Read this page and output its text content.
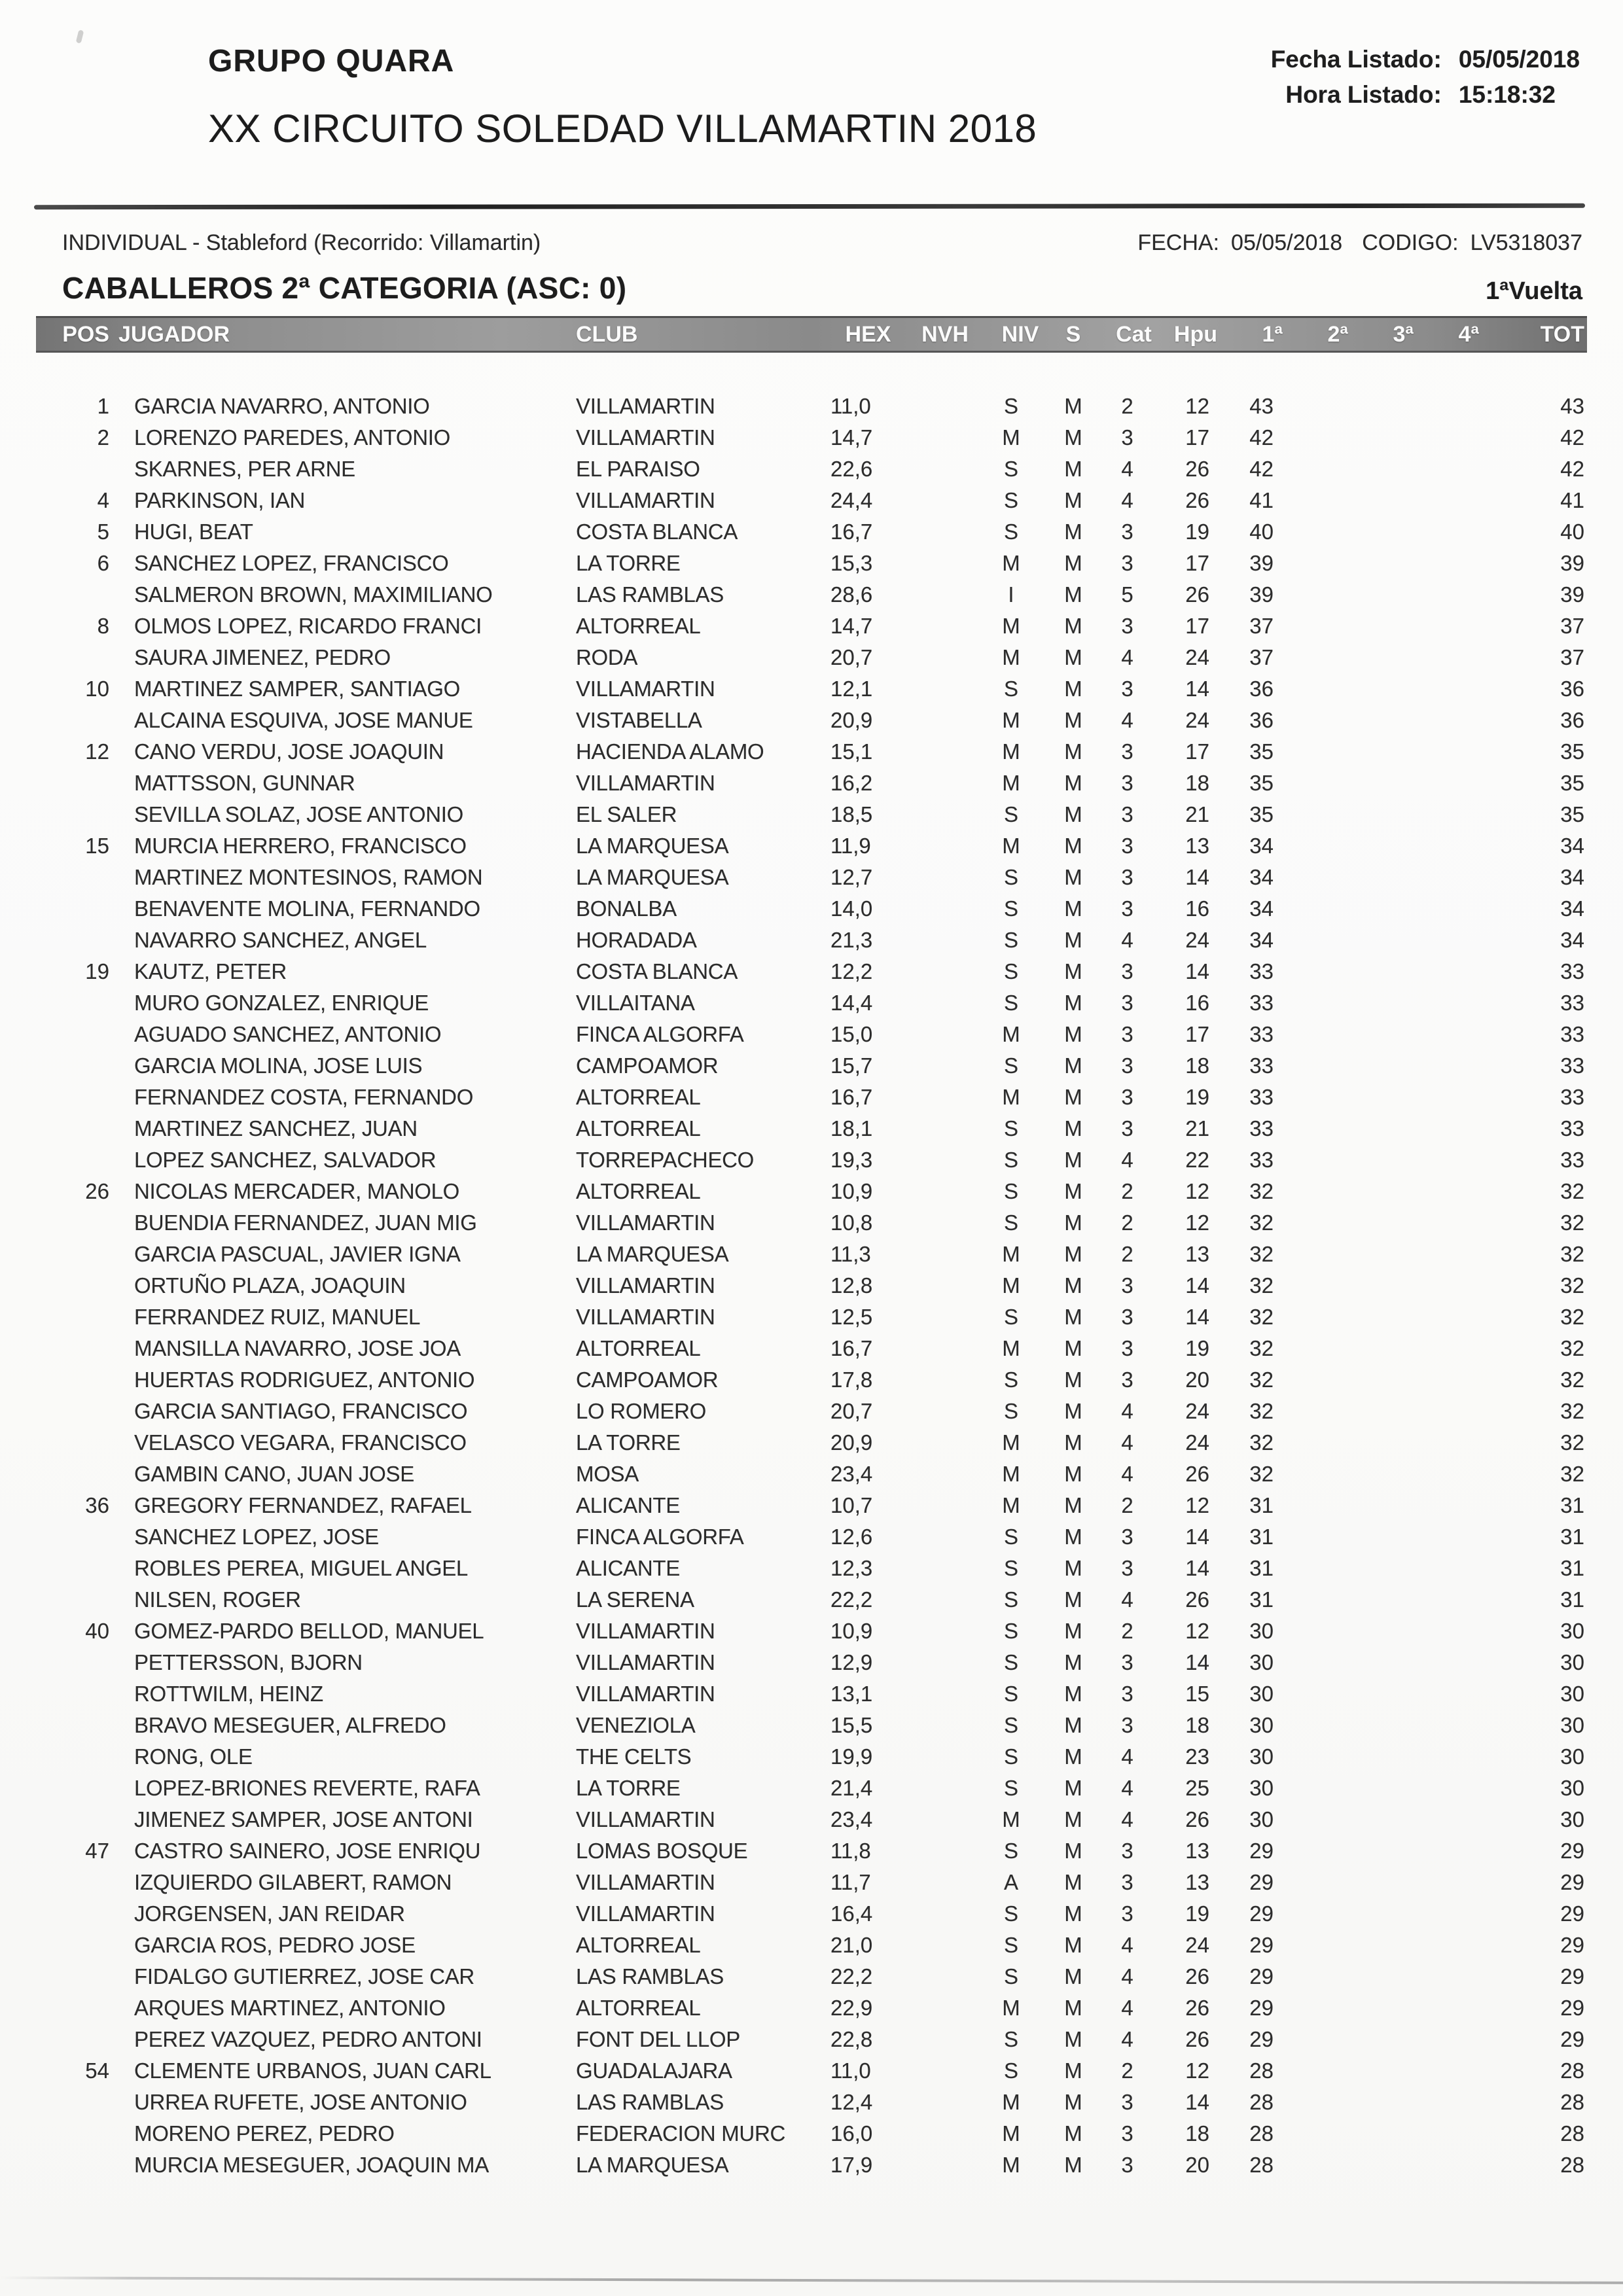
GRUPO QUARA
XX CIRCUITO SOLEDAD VILLAMARTIN 2018
Fecha Listado: 05/05/2018
Hora Listado: 15:18:32
INDIVIDUAL - Stableford (Recorrido: Villamartin)	FECHA: 05/05/2018 CODIGO: LV5318037
CABALLEROS 2ª CATEGORIA (ASC: 0)	1ªVuelta
POS	JUGADOR	CLUB	HEX	NVH	NIV	S	Cat	Hpu	1ª	2ª	3ª	4ª	TOT
1	GARCIA NAVARRO, ANTONIO	VILLAMARTIN	11,0		S	M	2	12	43				43
2	LORENZO PAREDES, ANTONIO	VILLAMARTIN	14,7		M	M	3	17	42				42
	SKARNES, PER ARNE	EL PARAISO	22,6		S	M	4	26	42				42
4	PARKINSON, IAN	VILLAMARTIN	24,4		S	M	4	26	41				41
5	HUGI, BEAT	COSTA BLANCA	16,7		S	M	3	19	40				40
6	SANCHEZ LOPEZ, FRANCISCO	LA TORRE	15,3		M	M	3	17	39				39
	SALMERON BROWN, MAXIMILIANO	LAS RAMBLAS	28,6		I	M	5	26	39				39
8	OLMOS LOPEZ, RICARDO FRANCI	ALTORREAL	14,7		M	M	3	17	37				37
	SAURA JIMENEZ, PEDRO	RODA	20,7		M	M	4	24	37				37
10	MARTINEZ SAMPER, SANTIAGO	VILLAMARTIN	12,1		S	M	3	14	36				36
	ALCAINA ESQUIVA, JOSE MANUE	VISTABELLA	20,9		M	M	4	24	36				36
12	CANO VERDU, JOSE JOAQUIN	HACIENDA ALAMO	15,1		M	M	3	17	35				35
	MATTSSON, GUNNAR	VILLAMARTIN	16,2		M	M	3	18	35				35
	SEVILLA SOLAZ, JOSE ANTONIO	EL SALER	18,5		S	M	3	21	35				35
15	MURCIA HERRERO, FRANCISCO	LA MARQUESA	11,9		M	M	3	13	34				34
	MARTINEZ MONTESINOS, RAMON	LA MARQUESA	12,7		S	M	3	14	34				34
	BENAVENTE MOLINA, FERNANDO	BONALBA	14,0		S	M	3	16	34				34
	NAVARRO SANCHEZ, ANGEL	HORADADA	21,3		S	M	4	24	34				34
19	KAUTZ, PETER	COSTA BLANCA	12,2		S	M	3	14	33				33
	MURO GONZALEZ, ENRIQUE	VILLAITANA	14,4		S	M	3	16	33				33
	AGUADO SANCHEZ, ANTONIO	FINCA ALGORFA	15,0		M	M	3	17	33				33
	GARCIA MOLINA, JOSE LUIS	CAMPOAMOR	15,7		S	M	3	18	33				33
	FERNANDEZ COSTA, FERNANDO	ALTORREAL	16,7		M	M	3	19	33				33
	MARTINEZ SANCHEZ, JUAN	ALTORREAL	18,1		S	M	3	21	33				33
	LOPEZ SANCHEZ, SALVADOR	TORREPACHECO	19,3		S	M	4	22	33				33
26	NICOLAS MERCADER, MANOLO	ALTORREAL	10,9		S	M	2	12	32				32
	BUENDIA FERNANDEZ, JUAN MIG	VILLAMARTIN	10,8		S	M	2	12	32				32
	GARCIA PASCUAL, JAVIER IGNA	LA MARQUESA	11,3		M	M	2	13	32				32
	ORTUÑO PLAZA, JOAQUIN	VILLAMARTIN	12,8		M	M	3	14	32				32
	FERRANDEZ RUIZ, MANUEL	VILLAMARTIN	12,5		S	M	3	14	32				32
	MANSILLA NAVARRO, JOSE JOA	ALTORREAL	16,7		M	M	3	19	32				32
	HUERTAS RODRIGUEZ, ANTONIO	CAMPOAMOR	17,8		S	M	3	20	32				32
	GARCIA SANTIAGO, FRANCISCO	LO ROMERO	20,7		S	M	4	24	32				32
	VELASCO VEGARA, FRANCISCO	LA TORRE	20,9		M	M	4	24	32				32
	GAMBIN CANO, JUAN JOSE	MOSA	23,4		M	M	4	26	32				32
36	GREGORY FERNANDEZ, RAFAEL	ALICANTE	10,7		M	M	2	12	31				31
	SANCHEZ LOPEZ, JOSE	FINCA ALGORFA	12,6		S	M	3	14	31				31
	ROBLES PEREA, MIGUEL ANGEL	ALICANTE	12,3		S	M	3	14	31				31
	NILSEN, ROGER	LA SERENA	22,2		S	M	4	26	31				31
40	GOMEZ-PARDO BELLOD, MANUEL	VILLAMARTIN	10,9		S	M	2	12	30				30
	PETTERSSON, BJORN	VILLAMARTIN	12,9		S	M	3	14	30				30
	ROTTWILM, HEINZ	VILLAMARTIN	13,1		S	M	3	15	30				30
	BRAVO MESEGUER, ALFREDO	VENEZIOLA	15,5		S	M	3	18	30				30
	RONG, OLE	THE CELTS	19,9		S	M	4	23	30				30
	LOPEZ-BRIONES REVERTE, RAFA	LA TORRE	21,4		S	M	4	25	30				30
	JIMENEZ SAMPER, JOSE ANTONI	VILLAMARTIN	23,4		M	M	4	26	30				30
47	CASTRO SAINERO, JOSE ENRIQU	LOMAS BOSQUE	11,8		S	M	3	13	29				29
	IZQUIERDO GILABERT, RAMON	VILLAMARTIN	11,7		A	M	3	13	29				29
	JORGENSEN, JAN REIDAR	VILLAMARTIN	16,4		S	M	3	19	29				29
	GARCIA ROS, PEDRO JOSE	ALTORREAL	21,0		S	M	4	24	29				29
	FIDALGO GUTIERREZ, JOSE CAR	LAS RAMBLAS	22,2		S	M	4	26	29				29
	ARQUES MARTINEZ, ANTONIO	ALTORREAL	22,9		M	M	4	26	29				29
	PEREZ VAZQUEZ, PEDRO ANTONI	FONT DEL LLOP	22,8		S	M	4	26	29				29
54	CLEMENTE URBANOS, JUAN CARL	GUADALAJARA	11,0		S	M	2	12	28				28
	URREA RUFETE, JOSE ANTONIO	LAS RAMBLAS	12,4		M	M	3	14	28				28
	MORENO PEREZ, PEDRO	FEDERACION MURC	16,0		M	M	3	18	28				28
	MURCIA MESEGUER, JOAQUIN MA	LA MARQUESA	17,9		M	M	3	20	28				28
